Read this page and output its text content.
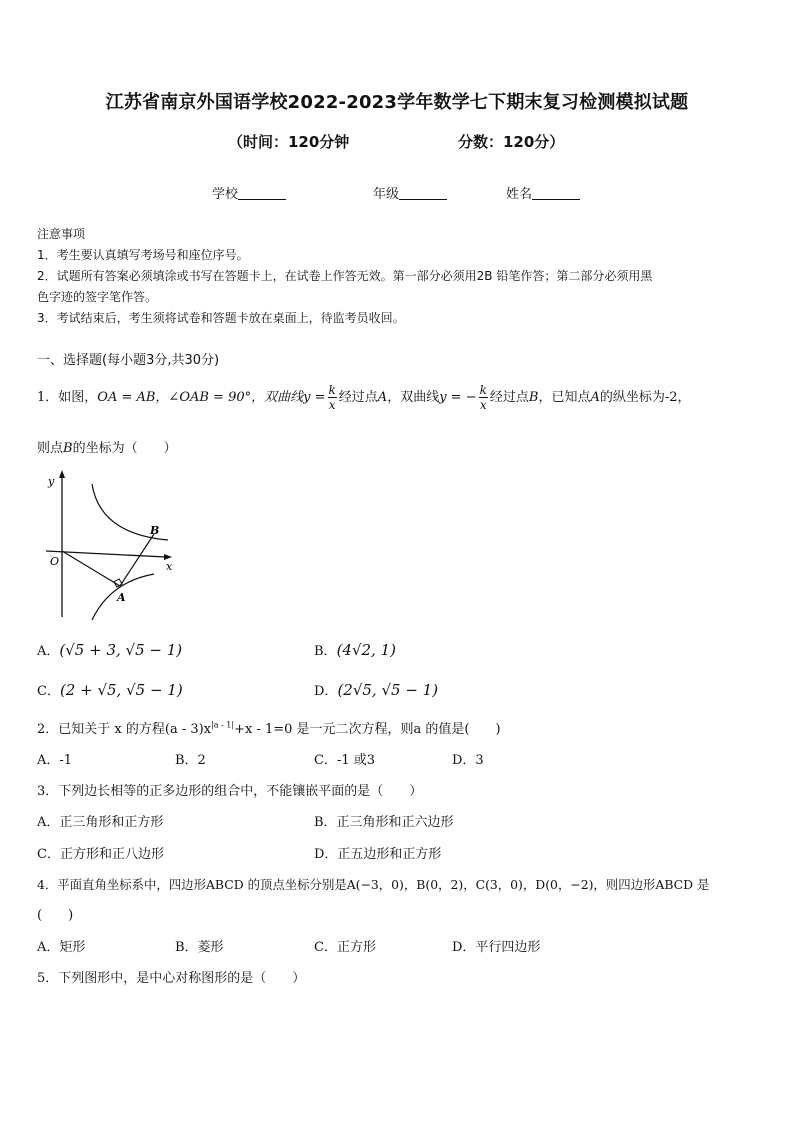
江苏省南京外国语学校2022-2023学年数学七下期末复习检测模拟试题
（时间：120分钟	分数：120分）
学校	年级	姓名
注意事项
1．考生要认真填写考场号和座位序号。
2．试题所有答案必须填涂或书写在答题卡上，在试卷上作答无效。第一部分必须用2B 铅笔作答；第二部分必须用黑
色字迹的签字笔作答。
3．考试结束后，考生须将试卷和答题卡放在桌面上，待监考员收回。
一、选择题(每小题3分,共30分)
1．如图，OA = AB，∠OAB = 90°，双曲线$y = \frac{k}{x}$ 经过点A，双曲线y = − $\frac{k}{x}$ 经过点B，已知点A的纵坐标为-2，
则点B的坐标为（　　）
y
x
O
A
B
A．(√5 + 3, √5 − 1)	B．(4√2, 1)
C．(2 + √5, √5 − 1)	D．(2√5, √5 − 1)
2．已知关于 x 的方程$(a - 3)x^{|a - 1|}+x - 1=0$ 是一元二次方程，则a 的值是(　　)
A．-1	B．2	C．-1 或3	D．3
3．下列边长相等的正多边形的组合中，不能镶嵌平面的是（　　）
A．正三角形和正方形	B．正三角形和正六边形
C．正方形和正八边形	D．正五边形和正方形
4．平面直角坐标系中，四边形ABCD 的顶点坐标分别是A(−3，0)，B(0，2)，C(3，0)，D(0，−2)，则四边形ABCD 是
(　　)
A．矩形	B．菱形	C．正方形	D．平行四边形
5．下列图形中，是中心对称图形的是（　　）
